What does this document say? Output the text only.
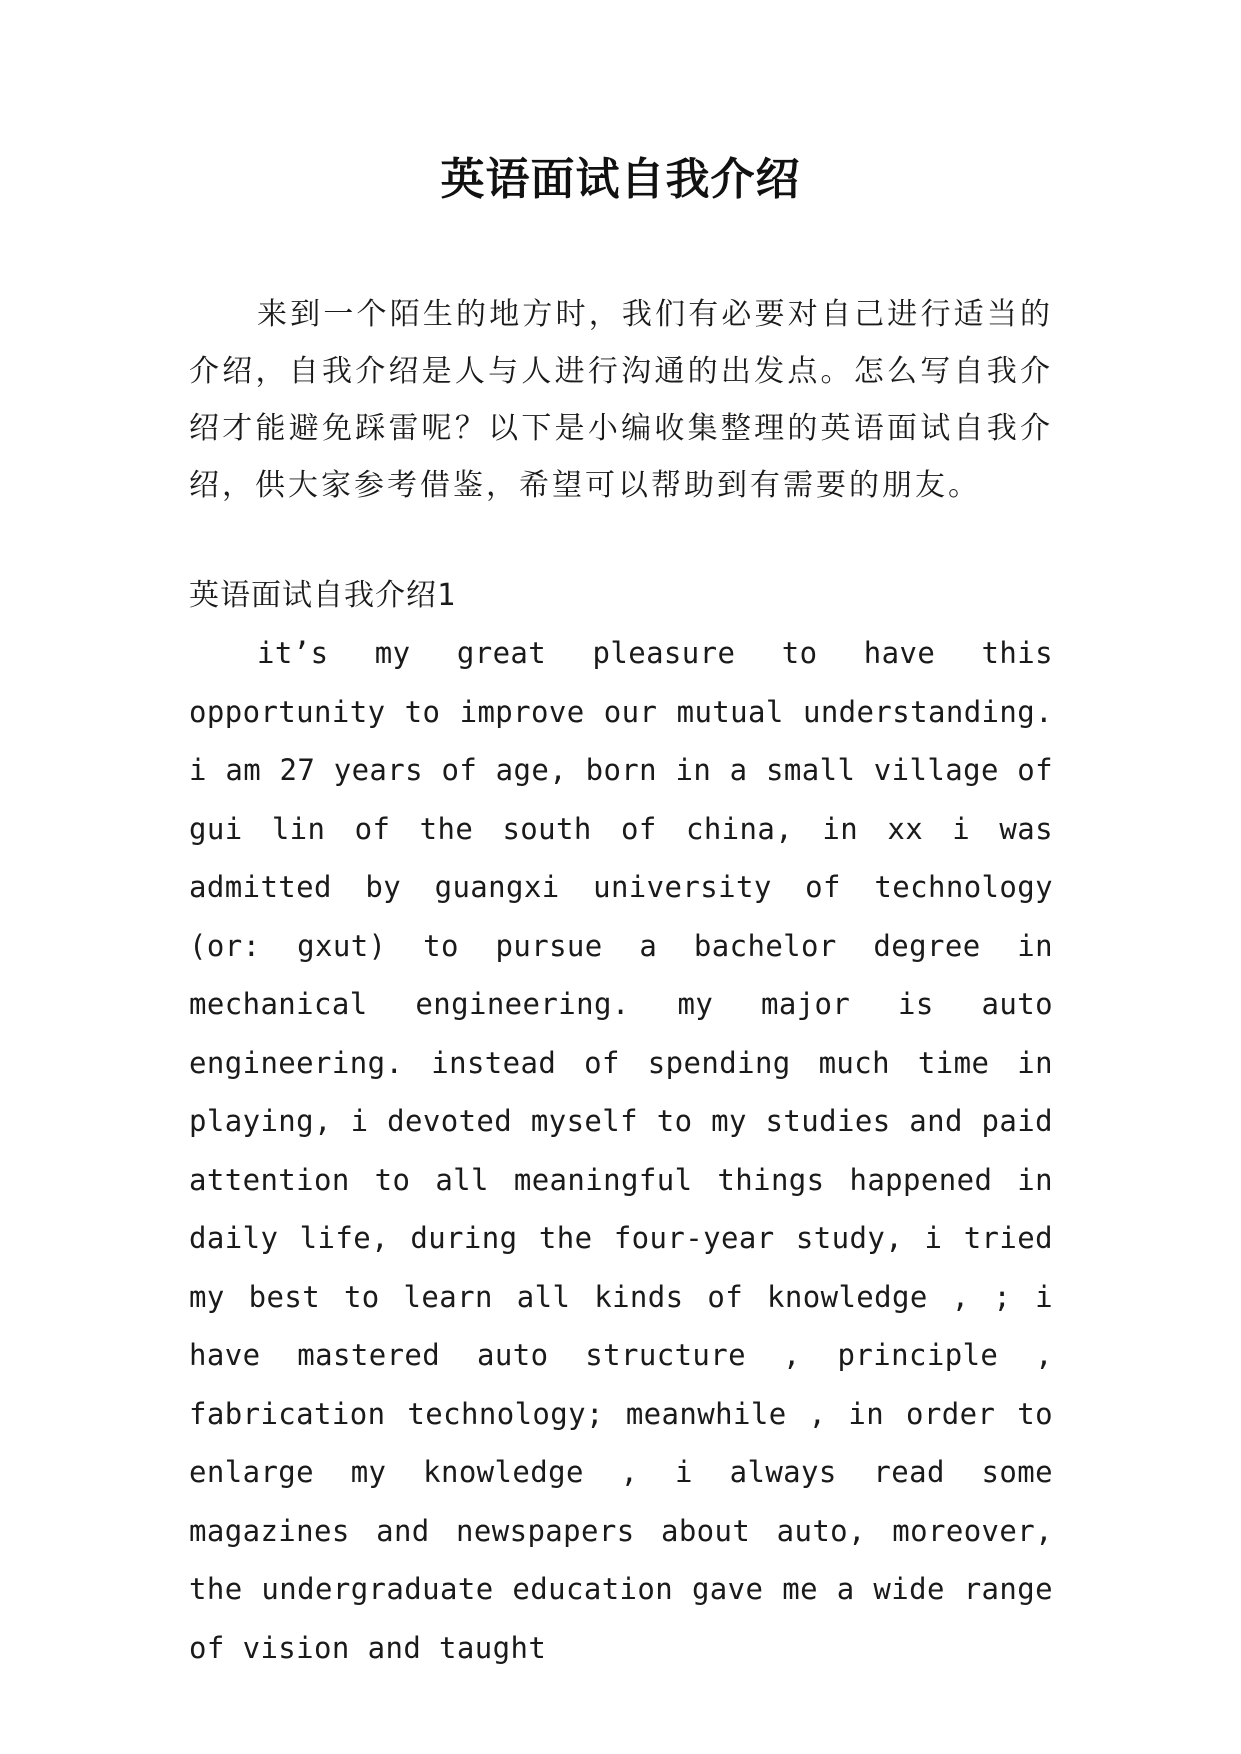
英语面试自我介绍

来到一个陌生的地方时，我们有必要对自己进行适当的介绍，自我介绍是人与人进行沟通的出发点。怎么写自我介绍才能避免踩雷呢？以下是小编收集整理的英语面试自我介绍，供大家参考借鉴，希望可以帮助到有需要的朋友。

英语面试自我介绍1

it’s my great pleasure to have this opportunity to improve our mutual understanding. i am 27 years of age, born in a small village of gui lin of the south of china, in xx i was admitted by guangxi university of technology (or: gxut) to pursue a bachelor degree in mechanical engineering. my major is auto engineering. instead of spending much time in playing, i devoted myself to my studies and paid attention to all meaningful things happened in daily life, during the four-year study, i tried my best to learn all kinds of knowledge , ; i have mastered auto structure , principle , fabrication technology; meanwhile , in order to enlarge my knowledge , i always read some magazines and newspapers about auto, moreover, the undergraduate education gave me a wide range of vision and taught
